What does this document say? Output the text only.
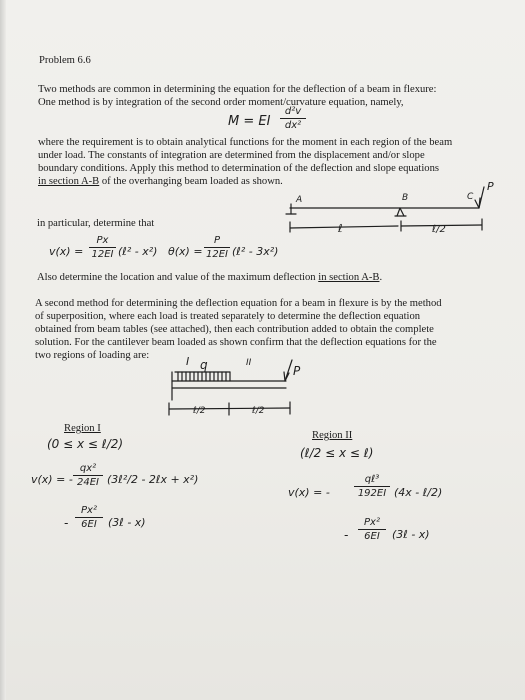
Problem 6.6
Two methods are common in determining the equation for the deflection of a beam in flexure:
One method is by integration of the second order moment/curvature equation, namely,
M = EI
d²v
dx²
where the requirement is to obtain analytical functions for the moment in each region of the beam
under load. The constants of integration are determined from the displacement and/or slope
boundary conditions. Apply this method to determination of the deflection and slope equations
in section A-B of the overhanging beam loaded as shown.
A	B	C
P
ℓ	ℓ/2
in particular, determine that
v(x) =
Px
12EI (ℓ² - x²) θ(x) =
P
12EI (ℓ² - 3x²)
Also determine the location and value of the maximum deflection in section A-B.
A second method for determining the deflection equation for a beam in flexure is by the method
of superposition, where each load is treated separately to determine the deflection equation
obtained from beam tables (see attached), then each contribution added to obtain the complete
solution. For the cantilever beam loaded as shown confirm that the deflection equations for the
two regions of loading are:	I q	II
P
ℓ/2	ℓ/2
Region I
(0 ≤ x ≤ ℓ/2)
v(x) = -
qx²
24EI (3ℓ²/2 - 2ℓx + x²)
-
Px²
6EI	(3ℓ - x)
Region II
(ℓ/2 ≤ x ≤ ℓ)
v(x) = -
qℓ³
192EI (4x - ℓ/2)
-
Px²
6EI	(3ℓ - x)
